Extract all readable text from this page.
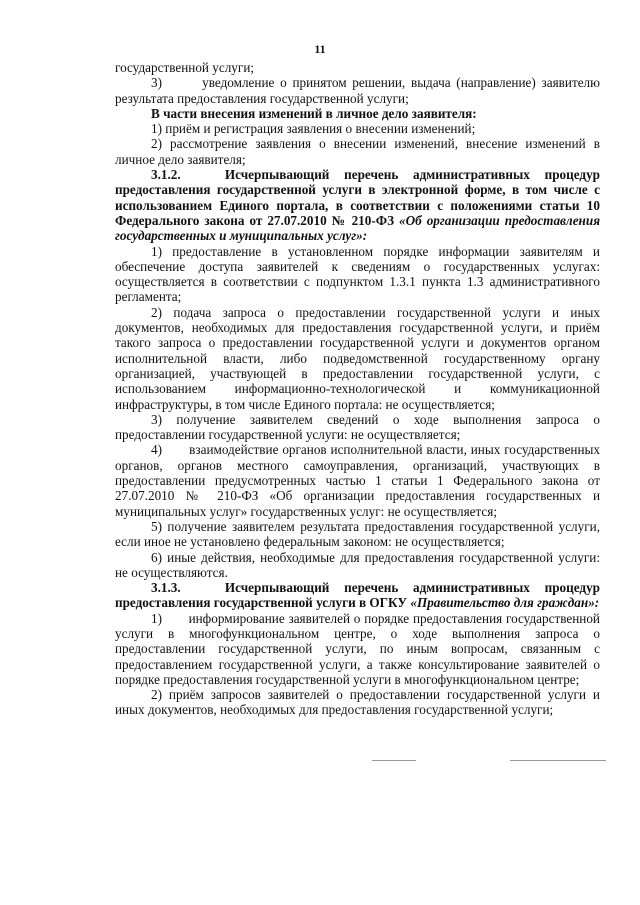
11

государственной услуги;

3)       уведомление о принятом решении, выдача (направление) заявителю результата предоставления государственной услуги;

В части внесения изменений в личное дело заявителя:

1) приём и регистрация заявления о внесении изменений;

2) рассмотрение заявления о внесении изменений, внесение изменений в личное дело заявителя;

3.1.2.   Исчерпывающий перечень административных процедур предоставления государственной услуги в электронной форме, в том числе с использованием Единого портала, в соответствии с положениями статьи 10 Федерального закона от 27.07.2010 № 210-ФЗ «Об организации предоставления государственных и муниципальных услуг»:

1) предоставление в установленном порядке информации заявителям и обеспечение доступа заявителей к сведениям о государственных услугах: осуществляется в соответствии с подпунктом 1.3.1 пункта 1.3 административного регламента;

2) подача запроса о предоставлении государственной услуги и иных документов, необходимых для предоставления государственной услуги, и приём такого запроса о предоставлении государственной услуги и документов органом исполнительной власти, либо подведомственной государственному органу организацией, участвующей в предоставлении государственной услуги, с использованием информационно-технологической и коммуникационной инфраструктуры, в том числе Единого портала: не осуществляется;

3) получение заявителем сведений о ходе выполнения запроса о предоставлении государственной услуги: не осуществляется;

4)       взаимодействие органов исполнительной власти, иных государственных органов, органов местного самоуправления, организаций, участвующих в предоставлении предусмотренных частью 1 статьи 1 Федерального закона от 27.07.2010 № 210-ФЗ «Об организации предоставления государственных и муниципальных услуг» государственных услуг: не осуществляется;

5) получение заявителем результата предоставления государственной услуги, если иное не установлено федеральным законом: не осуществляется;

6) иные действия, необходимые для предоставления государственной услуги: не осуществляются.

3.1.3.   Исчерпывающий перечень административных процедур предоставления государственной услуги в ОГКУ «Правительство для граждан»:

1)       информирование заявителей о порядке предоставления государственной услуги в многофункциональном центре, о ходе выполнения запроса о предоставлении государственной услуги, по иным вопросам, связанным с предоставлением государственной услуги, а также консультирование заявителей о порядке предоставления государственной услуги в многофункциональном центре;

2) приём запросов заявителей о предоставлении государственной услуги и иных документов, необходимых для предоставления государственной услуги;
